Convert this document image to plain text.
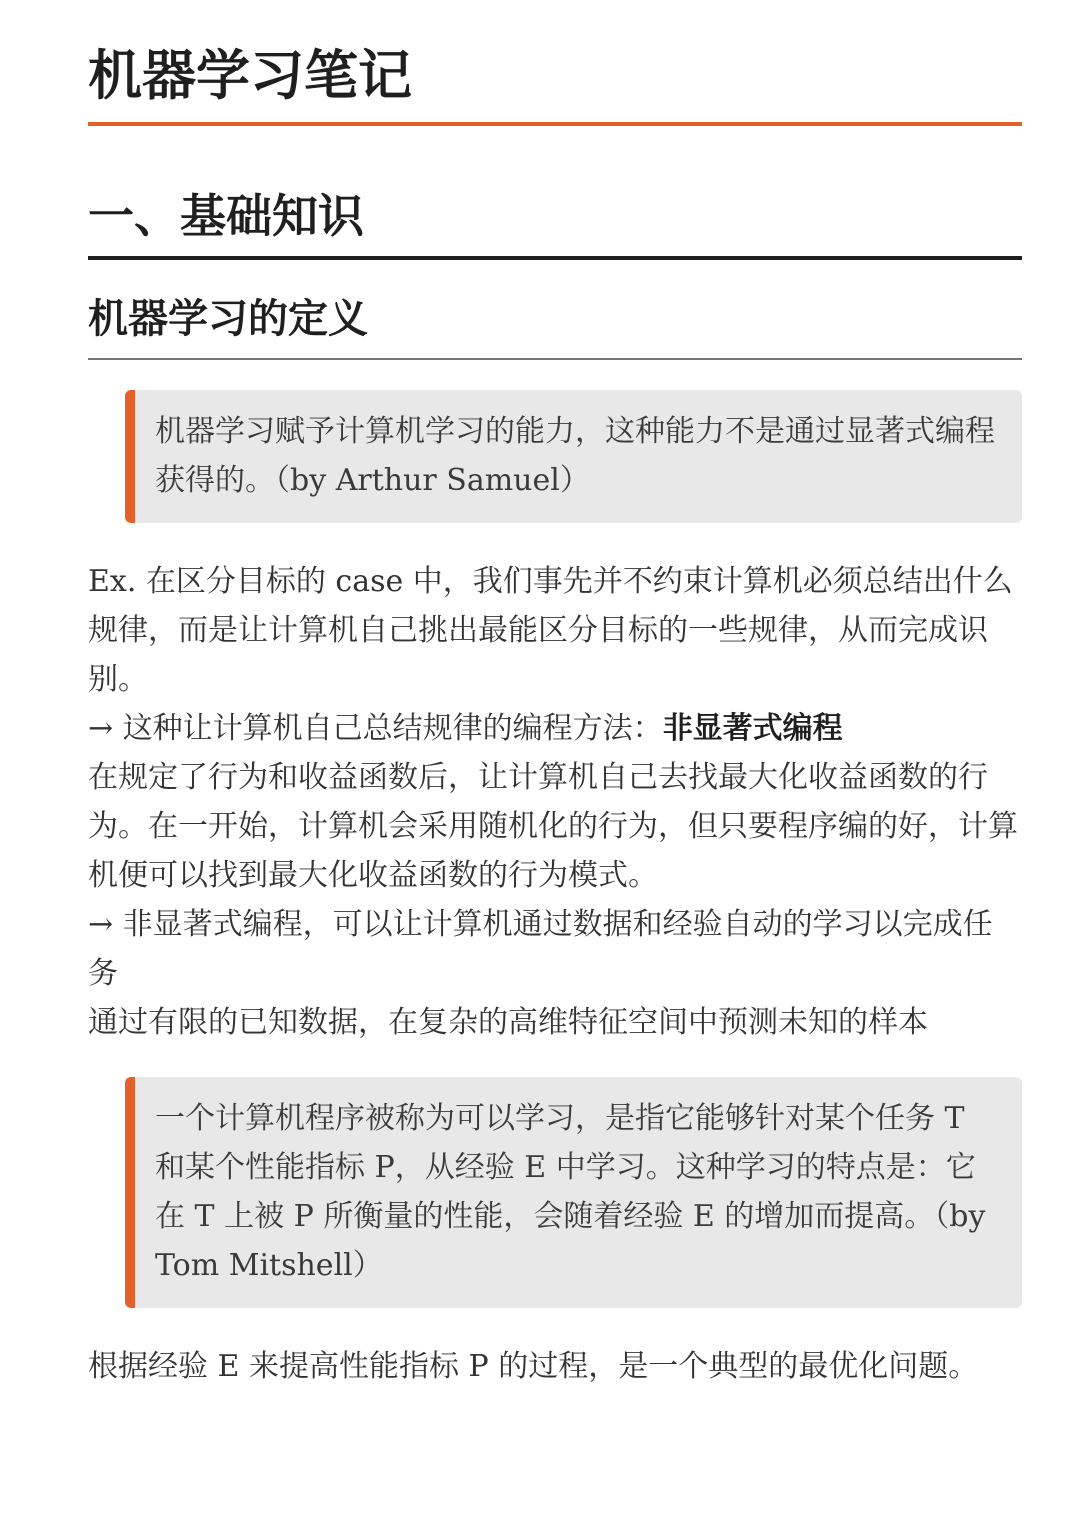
机器学习笔记
一、基础知识
机器学习的定义
机器学习赋予计算机学习的能力，这种能力不是通过显著式编程获得的。（by Arthur Samuel）

Ex. 在区分目标的 case 中，我们事先并不约束计算机必须总结出什么规律，而是让计算机自己挑出最能区分目标的一些规律，从而完成识别。

→ 这种让计算机自己总结规律的编程方法：非显著式编程

在规定了行为和收益函数后，让计算机自己去找最大化收益函数的行为。在一开始，计算机会采用随机化的行为，但只要程序编的好，计算机便可以找到最大化收益函数的行为模式。

→ 非显著式编程，可以让计算机通过数据和经验自动的学习以完成任务

通过有限的已知数据，在复杂的高维特征空间中预测未知的样本

一个计算机程序被称为可以学习，是指它能够针对某个任务 T 和某个性能指标 P，从经验 E 中学习。这种学习的特点是：它在 T 上被 P 所衡量的性能，会随着经验 E 的增加而提高。（by Tom Mitshell）

根据经验 E 来提高性能指标 P 的过程，是一个典型的最优化问题。
